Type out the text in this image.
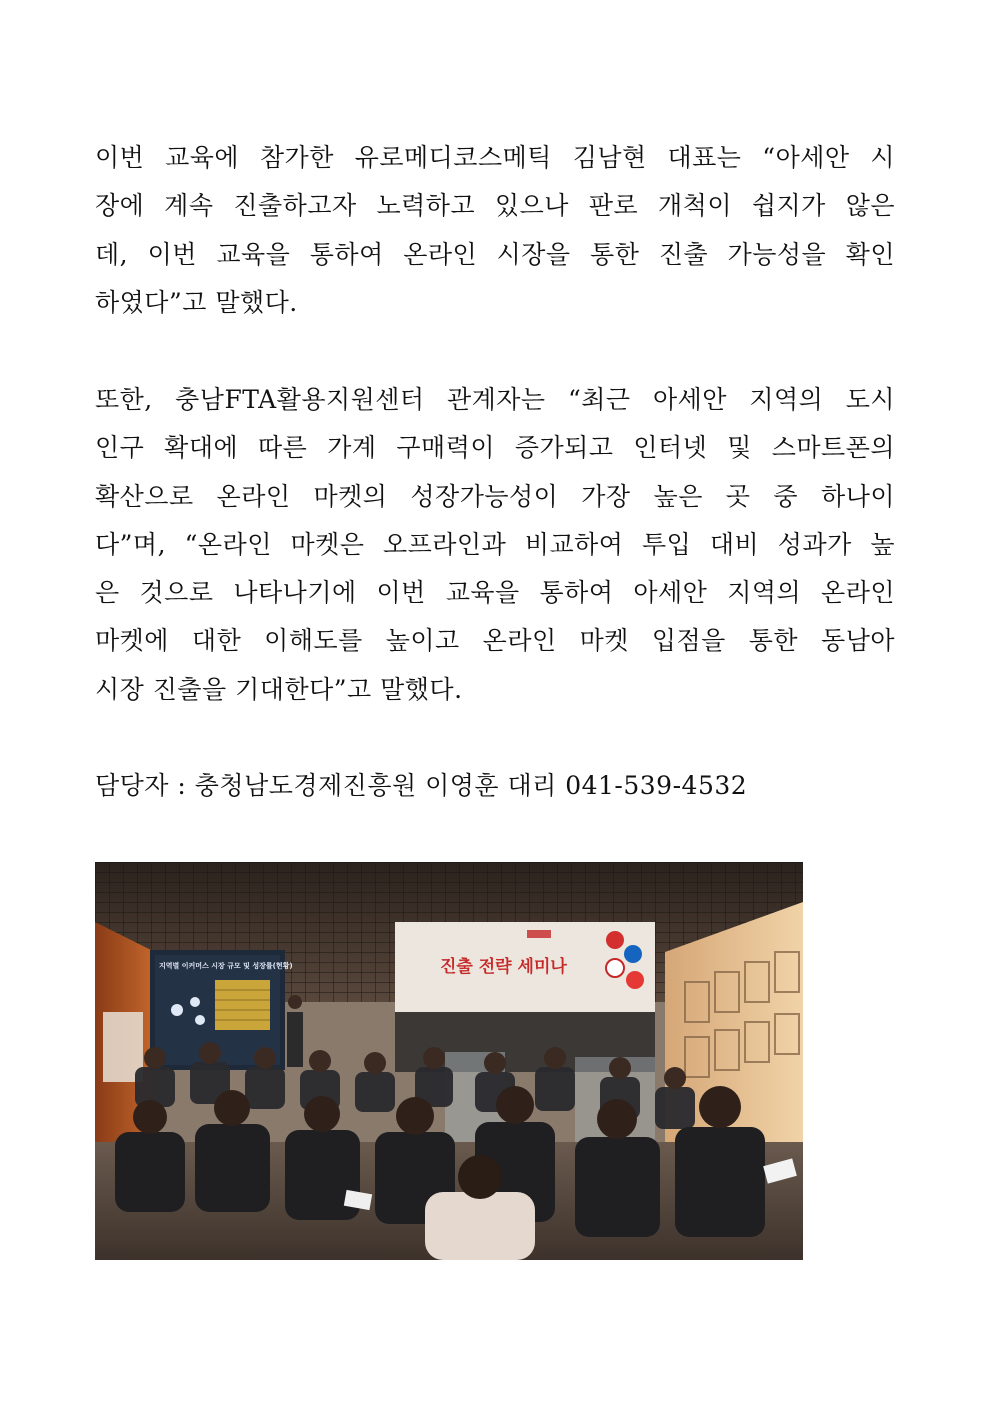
이번 교육에 참가한 유로메디코스메틱 김남현 대표는 “아세안 시
장에 계속 진출하고자 노력하고 있으나 판로 개척이 쉽지가 않은
데, 이번 교육을 통하여 온라인 시장을 통한 진출 가능성을 확인
하였다”고 말했다.
또한, 충남FTA활용지원센터 관계자는 “최근 아세안 지역의 도시
인구 확대에 따른 가계 구매력이 증가되고 인터넷 및 스마트폰의
확산으로 온라인 마켓의 성장가능성이 가장 높은 곳 중 하나이
다”며, “온라인 마켓은 오프라인과 비교하여 투입 대비 성과가 높
은 것으로 나타나기에 이번 교육을 통하여 아세안 지역의 온라인
마켓에 대한 이해도를 높이고 온라인 마켓 입점을 통한 동남아
시장 진출을 기대한다”고 말했다.
담당자 : 충청남도경제진흥원 이영훈 대리 041-539-4532
지역별 이커머스 시장 규모 및 성장률(현황)	진출 전략 세미나
